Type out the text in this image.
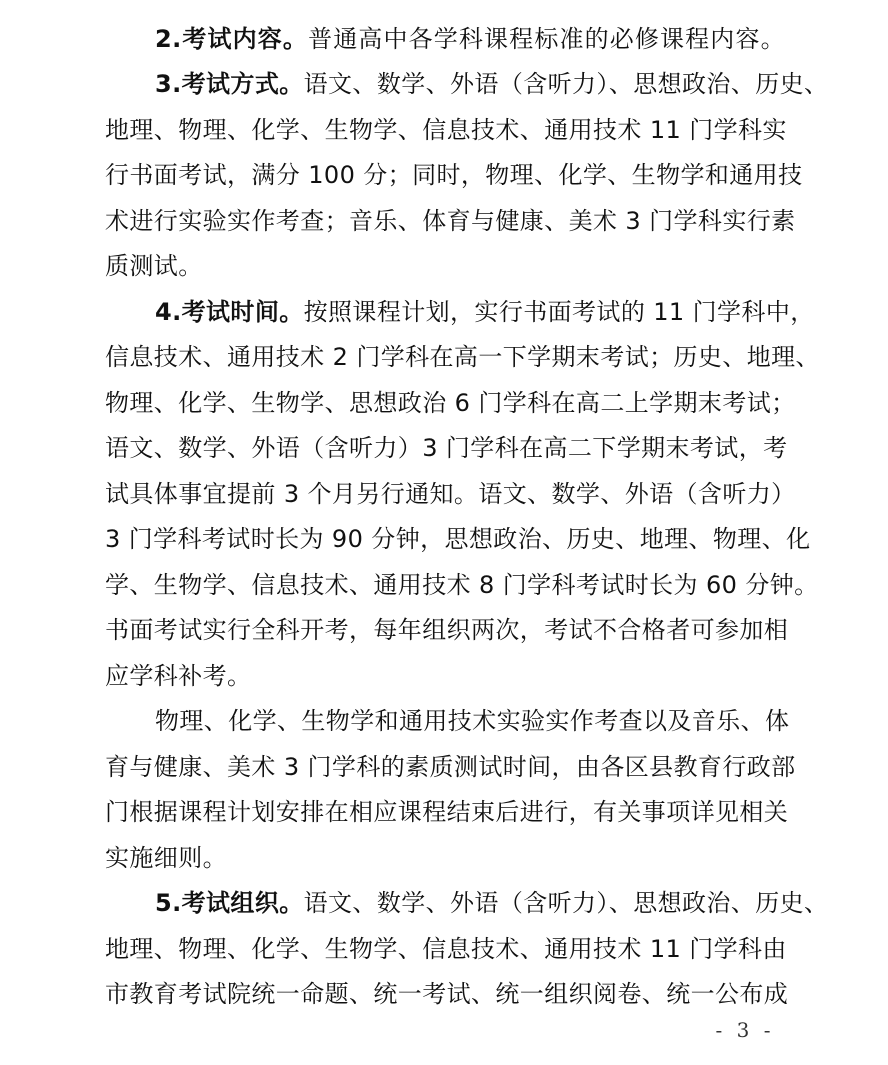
2.考试内容。普通高中各学科课程标准的必修课程内容。
3.考试方式。语文、数学、外语（含听力）、思想政治、历史、
地理、物理、化学、生物学、信息技术、通用技术 11 门学科实
行书面考试，满分 100 分；同时，物理、化学、生物学和通用技
术进行实验实作考查；音乐、体育与健康、美术 3 门学科实行素
质测试。
4.考试时间。按照课程计划，实行书面考试的 11 门学科中，
信息技术、通用技术 2 门学科在高一下学期末考试；历史、地理、
物理、化学、生物学、思想政治 6 门学科在高二上学期末考试；
语文、数学、外语（含听力）3 门学科在高二下学期末考试，考
试具体事宜提前 3 个月另行通知。语文、数学、外语（含听力）
3 门学科考试时长为 90 分钟，思想政治、历史、地理、物理、化
学、生物学、信息技术、通用技术 8 门学科考试时长为 60 分钟。
书面考试实行全科开考，每年组织两次，考试不合格者可参加相
应学科补考。
物理、化学、生物学和通用技术实验实作考查以及音乐、体
育与健康、美术 3 门学科的素质测试时间，由各区县教育行政部
门根据课程计划安排在相应课程结束后进行，有关事项详见相关
实施细则。
5.考试组织。语文、数学、外语（含听力）、思想政治、历史、
地理、物理、化学、生物学、信息技术、通用技术 11 门学科由
市教育考试院统一命题、统一考试、统一组织阅卷、统一公布成
- 3 -
